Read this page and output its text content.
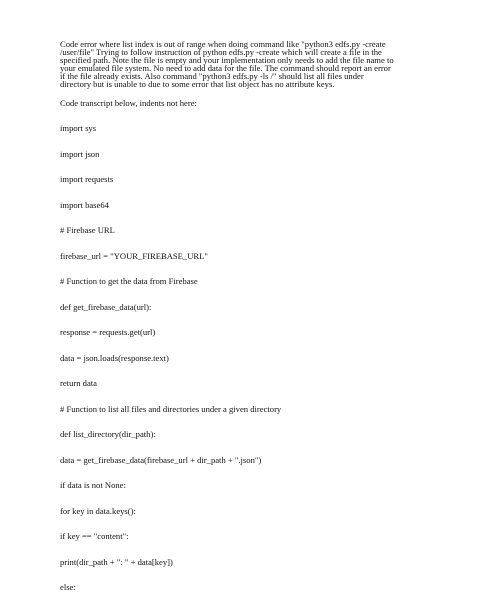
Code error where list index is out of range when doing command like "python3 edfs.py -create
/user/file" Trying to follow instruction of python edfs.py -create which will create a file in the
specified path. Note the file is empty and your implementation only needs to add the file name to
your emulated file system. No need to add data for the file. The command should report an error
if the file already exists. Also command "python3 edfs.py -ls /" should list all files under
directory but is unable to due to some error that list object has no attribute keys.
Code transcript below, indents not here:
import sys
import json
import requests
import base64
# Firebase URL
firebase_url = "YOUR_FIREBASE_URL"
# Function to get the data from Firebase
def get_firebase_data(url):
response = requests.get(url)
data = json.loads(response.text)
return data
# Function to list all files and directories under a given directory
def list_directory(dir_path):
data = get_firebase_data(firebase_url + dir_path + ".json")
if data is not None:
for key in data.keys():
if key == "content":
print(dir_path + ": " + data[key])
else:
